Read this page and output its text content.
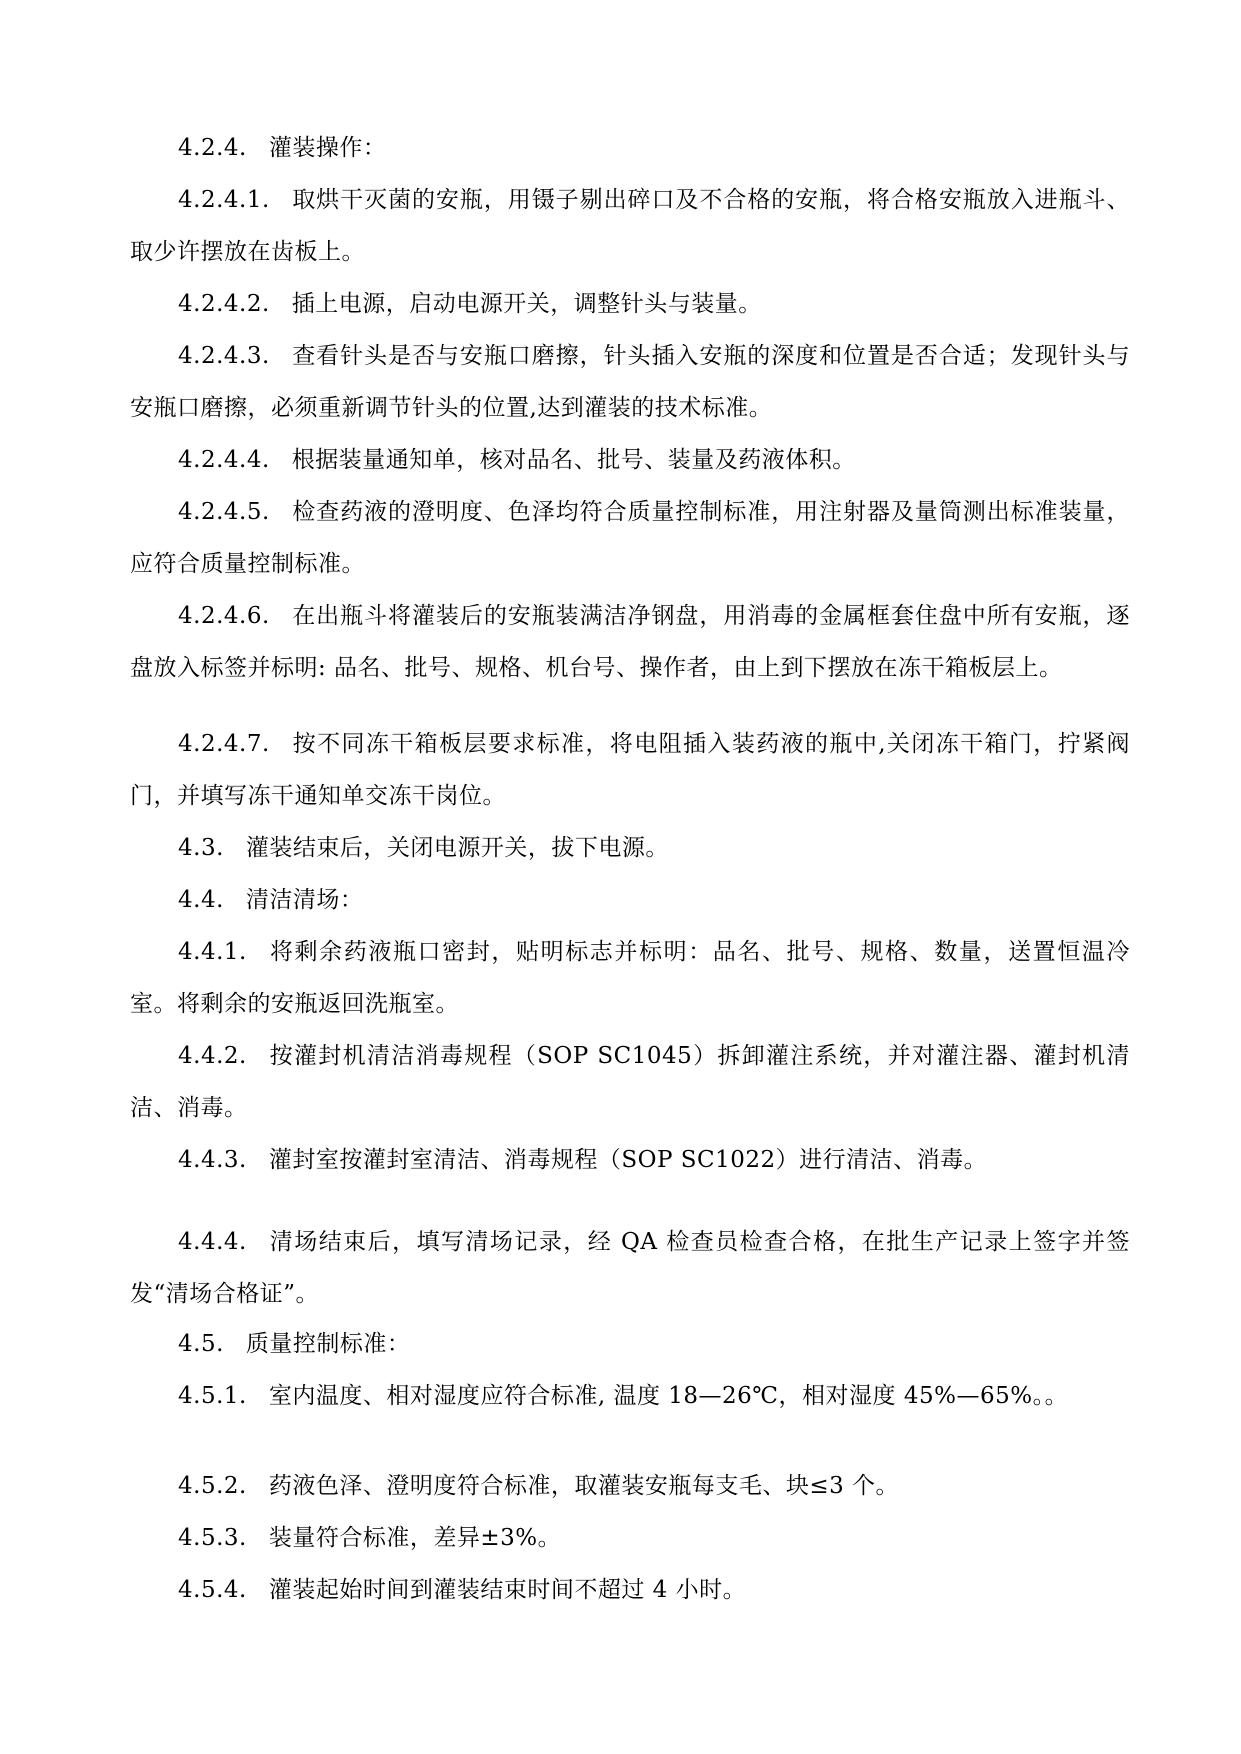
4.2.4. 灌装操作：

4.2.4.1. 取烘干灭菌的安瓶，用镊子剔出碎口及不合格的安瓶，将合格安瓶放入进瓶斗、取少许摆放在齿板上。

4.2.4.2. 插上电源，启动电源开关，调整针头与装量。

4.2.4.3. 查看针头是否与安瓶口磨擦，针头插入安瓶的深度和位置是否合适；发现针头与安瓶口磨擦，必须重新调节针头的位置,达到灌装的技术标准。

4.2.4.4. 根据装量通知单，核对品名、批号、装量及药液体积。

4.2.4.5. 检查药液的澄明度、色泽均符合质量控制标准，用注射器及量筒测出标准装量，应符合质量控制标准。

4.2.4.6. 在出瓶斗将灌装后的安瓶装满洁净钢盘，用消毒的金属框套住盘中所有安瓶，逐盘放入标签并标明: 品名、批号、规格、机台号、操作者，由上到下摆放在冻干箱板层上。

4.2.4.7. 按不同冻干箱板层要求标准，将电阻插入装药液的瓶中,关闭冻干箱门，拧紧阀门，并填写冻干通知单交冻干岗位。

4.3. 灌装结束后，关闭电源开关，拔下电源。

4.4. 清洁清场：

4.4.1. 将剩余药液瓶口密封，贴明标志并标明：品名、批号、规格、数量，送置恒温冷室。将剩余的安瓶返回洗瓶室。

4.4.2. 按灌封机清洁消毒规程（SOP SC1045）拆卸灌注系统，并对灌注器、灌封机清洁、消毒。

4.4.3. 灌封室按灌封室清洁、消毒规程（SOP SC1022）进行清洁、消毒。

4.4.4. 清场结束后，填写清场记录，经 QA 检查员检查合格，在批生产记录上签字并签发“清场合格证”。

4.5. 质量控制标准：

4.5.1. 室内温度、相对湿度应符合标准, 温度 18—26℃，相对湿度 45%—65%。。

4.5.2. 药液色泽、澄明度符合标准，取灌装安瓶每支毛、块≤3 个。

4.5.3. 装量符合标准，差异±3%。

4.5.4. 灌装起始时间到灌装结束时间不超过 4 小时。
